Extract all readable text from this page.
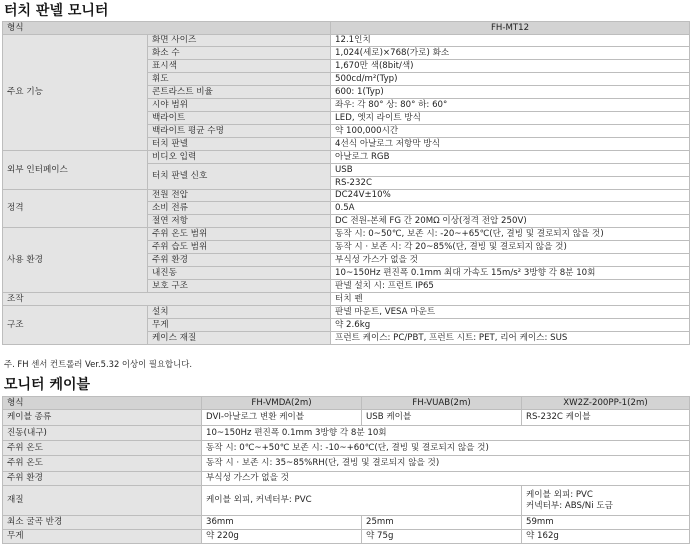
터치 판넬 모니터
형식		FH-MT12
주요 기능	화면 사이즈	12.1인치
	화소 수	1,024(세로)×768(가로) 화소
	표시색	1,670만 색(8bit/색)
	휘도	500cd/m²(Typ)
	콘트라스트 비율	600: 1(Typ)
	시야 범위	좌우: 각 80° 상: 80° 하: 60°
	백라이트	LED, 엣지 라이트 방식
	백라이트 평균 수명	약 100,000시간
	터치 판넬	4선식 아날로그 저항막 방식
외부 인터페이스	비디오 입력	아날로그 RGB
	터치 판넬 신호	USB
		RS-232C
정격	전원 전압	DC24V±10%
	소비 전류	0.5A
	절연 저항	DC 전원-본체 FG 간 20MΩ 이상(정격 전압 250V)
사용 환경	주위 온도 범위	동작 시: 0~50℃, 보존 시: -20~+65℃(단, 결빙 및 결로되지 않을 것)
	주위 습도 범위	동작 시 · 보존 시: 각 20~85%(단, 결빙 및 결로되지 않을 것)
	주위 환경	부식성 가스가 없을 것
	내진동	10~150Hz 편진폭 0.1mm 최대 가속도 15m/s² 3방향 각 8분 10회
	보호 구조	판넬 설치 시: 프런트 IP65
조작		터치 펜
구조	설치	판넬 마운트, VESA 마운트
	무게	약 2.6kg
	케이스 재질	프런트 케이스: PC/PBT, 프런트 시트: PET, 리어 케이스: SUS
주. FH 센서 컨트롤러 Ver.5.32 이상이 필요합니다.
모니터 케이블
형식	FH-VMDA(2m)	FH-VUAB(2m)	XW2Z-200PP-1(2m)
케이블 종류	DVI-아날로그 변환 케이블	USB 케이블	RS-232C 케이블
진동(내구)	10~150Hz 편진폭 0.1mm 3방향 각 8분 10회		
주위 온도	동작 시: 0℃~+50℃ 보존 시: -10~+60℃(단, 결빙 및 결로되지 않을 것)		
주위 온도	동작 시 · 보존 시: 35~85%RH(단, 결빙 및 결로되지 않을 것)		
주위 환경	부식성 가스가 없을 것		
재질	케이블 외피, 커넥터부: PVC		케이블 외피: PVC
커넥터부: ABS/Ni 도금

최소 굴곡 반경	36mm	25mm	59mm
무게	약 220g	약 75g	약 162g
